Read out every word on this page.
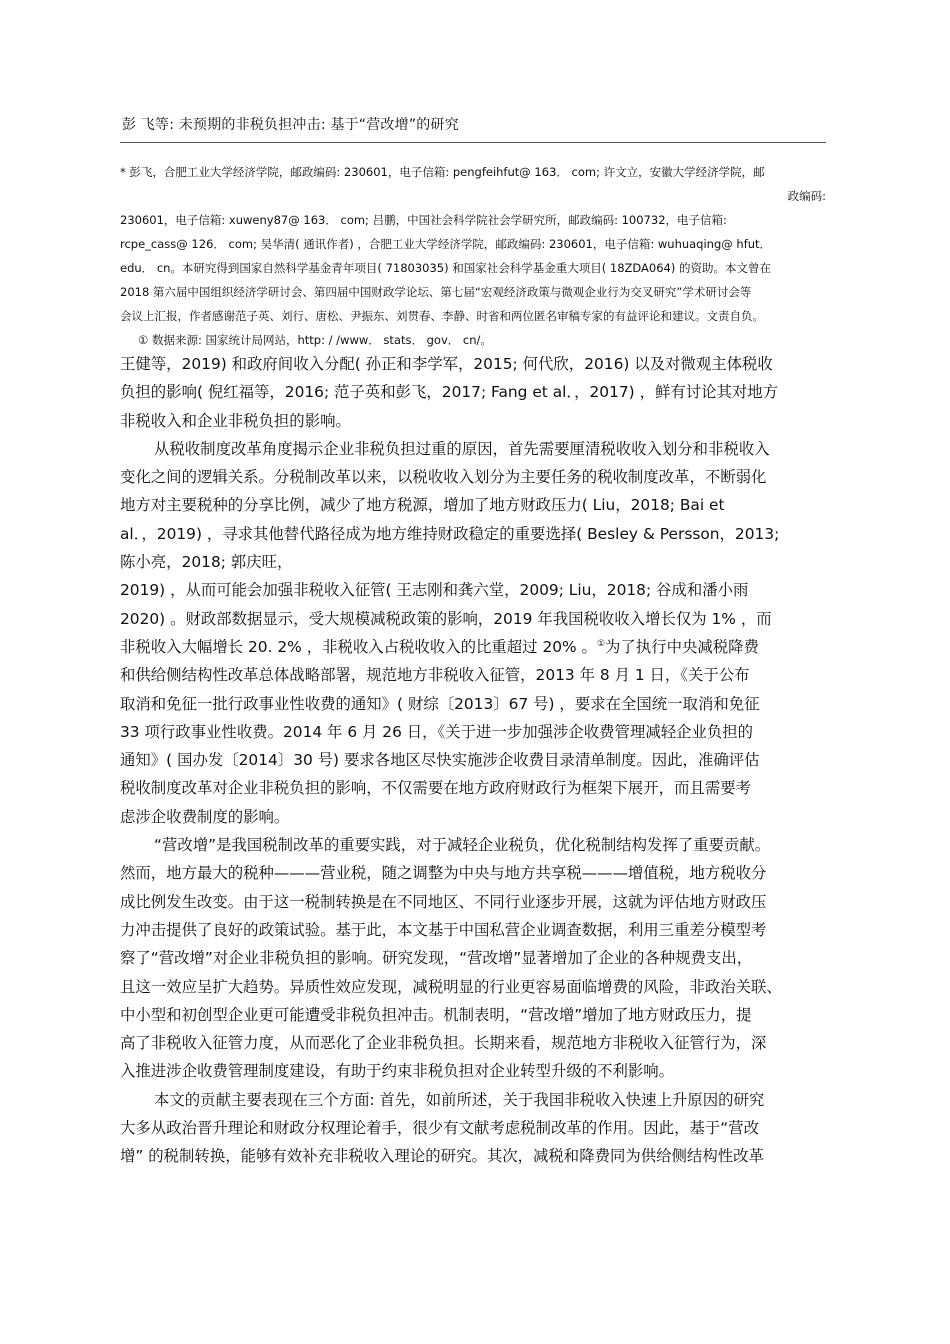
彭 飞等: 未预期的非税负担冲击: 基于“营改增”的研究
* 彭飞，合肥工业大学经济学院，邮政编码: 230601，电子信箱: pengfeihfut@ 163． com; 许文立，安徽大学经济学院，邮
政编码:
230601，电子信箱: xuweny87@ 163． com; 吕鹏，中国社会科学院社会学研究所，邮政编码: 100732，电子信箱:
rcpe_cass@ 126． com; 吴华清( 通讯作者) ，合肥工业大学经济学院，邮政编码: 230601，电子信箱: wuhuaqing@ hfut．
edu． cn。本研究得到国家自然科学基金青年项目( 71803035) 和国家社会科学基金重大项目( 18ZDA064) 的资助。本文曾在
2018 第六届中国组织经济学研讨会、第四届中国财政学论坛、第七届“宏观经济政策与微观企业行为交叉研究”学术研讨会等
会议上汇报，作者感谢范子英、刘行、唐松、尹振东、刘贯春、李静、时省和两位匿名审稿专家的有益评论和建议。文责自负。
① 数据来源: 国家统计局网站，http: / /www． stats． gov． cn/。
王健等，2019) 和政府间收入分配( 孙正和李学军，2015; 何代欣，2016) 以及对微观主体税收
负担的影响( 倪红福等，2016; 范子英和彭飞，2017; Fang et al．，2017) ，鲜有讨论其对地方
非税收入和企业非税负担的影响。
从税收制度改革角度揭示企业非税负担过重的原因，首先需要厘清税收收入划分和非税收入
变化之间的逻辑关系。分税制改革以来，以税收收入划分为主要任务的税收制度改革，不断弱化
地方对主要税种的分享比例，减少了地方税源，增加了地方财政压力( Liu，2018; Bai et
al．，2019) ，寻求其他替代路径成为地方维持财政稳定的重要选择( Besley & Persson，2013;
陈小亮，2018; 郭庆旺，
2019) ，从而可能会加强非税收入征管( 王志刚和龚六堂，2009; Liu，2018; 谷成和潘小雨
2020) 。财政部数据显示，受大规模减税政策的影响，2019 年我国税收收入增长仅为 1% ，而
非税收入大幅增长 20. 2% ，非税收入占税收收入的比重超过 20% 。①为了执行中央减税降费
和供给侧结构性改革总体战略部署，规范地方非税收入征管，2013 年 8 月 1 日，《关于公布
取消和免征一批行政事业性收费的通知》( 财综〔2013〕67 号) ，要求在全国统一取消和免征
33 项行政事业性收费。2014 年 6 月 26 日，《关于进一步加强涉企收费管理减轻企业负担的
通知》( 国办发〔2014〕30 号) 要求各地区尽快实施涉企收费目录清单制度。因此，准确评估
税收制度改革对企业非税负担的影响，不仅需要在地方政府财政行为框架下展开，而且需要考
虑涉企收费制度的影响。
“营改增”是我国税制改革的重要实践，对于减轻企业税负，优化税制结构发挥了重要贡献。
然而，地方最大的税种———营业税，随之调整为中央与地方共享税———增值税，地方税收分
成比例发生改变。由于这一税制转换是在不同地区、不同行业逐步开展，这就为评估地方财政压
力冲击提供了良好的政策试验。基于此，本文基于中国私营企业调查数据，利用三重差分模型考
察了“营改增”对企业非税负担的影响。研究发现，“营改增”显著增加了企业的各种规费支出，
且这一效应呈扩大趋势。异质性效应发现，减税明显的行业更容易面临增费的风险，非政治关联、
中小型和初创型企业更可能遭受非税负担冲击。机制表明，“营改增”增加了地方财政压力，提
高了非税收入征管力度，从而恶化了企业非税负担。长期来看，规范地方非税收入征管行为，深
入推进涉企收费管理制度建设，有助于约束非税负担对企业转型升级的不利影响。
本文的贡献主要表现在三个方面: 首先，如前所述，关于我国非税收入快速上升原因的研究
大多从政治晋升理论和财政分权理论着手，很少有文献考虑税制改革的作用。因此，基于“营改
增” 的税制转换，能够有效补充非税收入理论的研究。其次，减税和降费同为供给侧结构性改革
